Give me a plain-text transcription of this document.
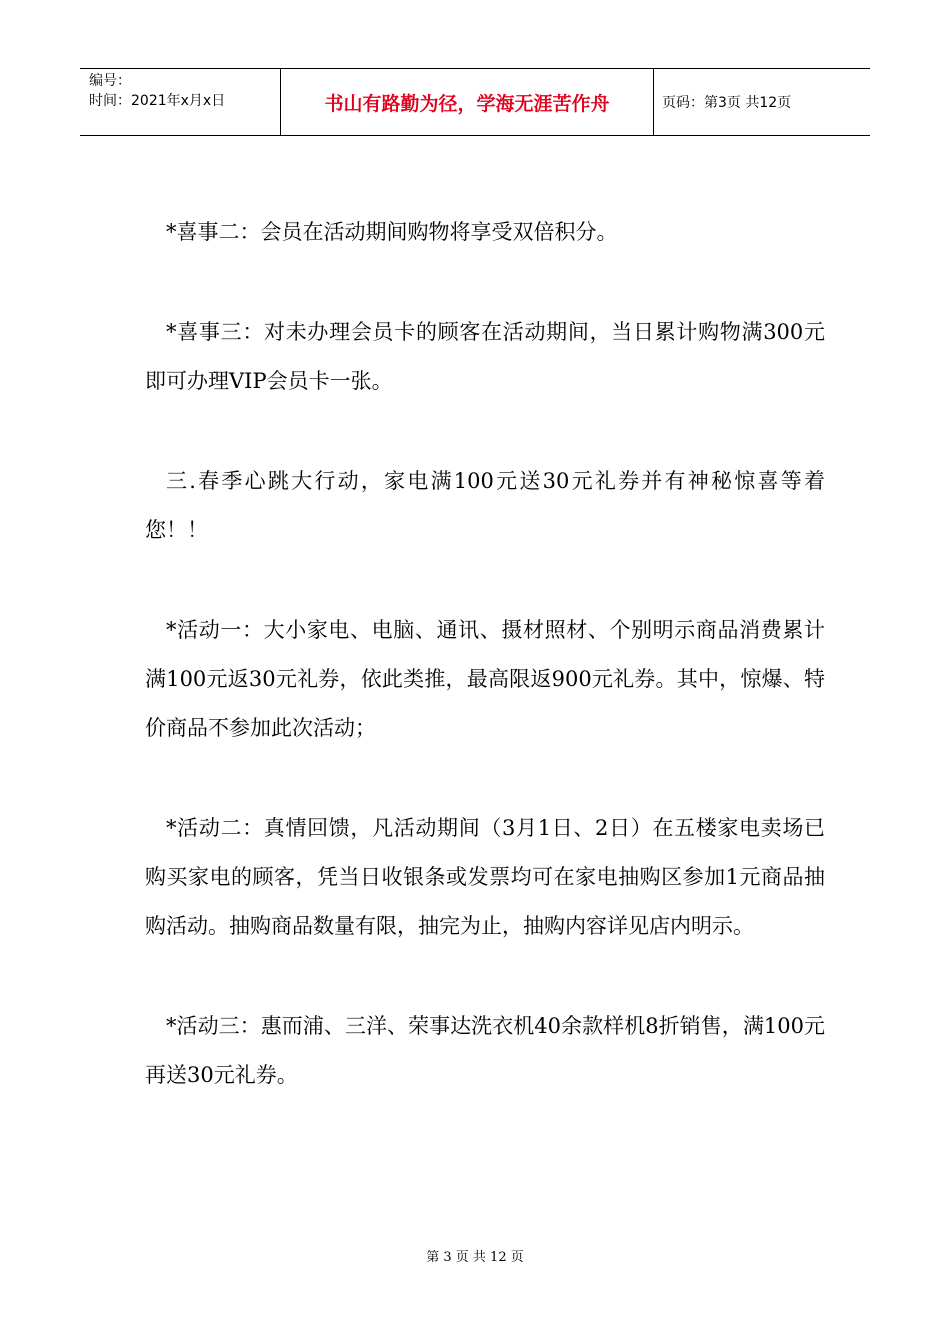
编号：
时间：2021年x月x日	书山有路勤为径，学海无涯苦作舟	页码：第3页 共12页

*喜事二：会员在活动期间购物将享受双倍积分。

*喜事三：对未办理会员卡的顾客在活动期间，当日累计购物满300元即可办理VIP会员卡一张。

三.春季心跳大行动，家电满100元送30元礼券并有神秘惊喜等着您！！

*活动一：大小家电、电脑、通讯、摄材照材、个别明示商品消费累计满100元返30元礼券，依此类推，最高限返900元礼券。其中，惊爆、特价商品不参加此次活动；

*活动二：真情回馈，凡活动期间（3月1日、2日）在五楼家电卖场已购买家电的顾客，凭当日收银条或发票均可在家电抽购区参加1元商品抽购活动。抽购商品数量有限，抽完为止，抽购内容详见店内明示。

*活动三：惠而浦、三洋、荣事达洗衣机40余款样机8折销售，满100元再送30元礼券。

第 3 页 共 12 页
